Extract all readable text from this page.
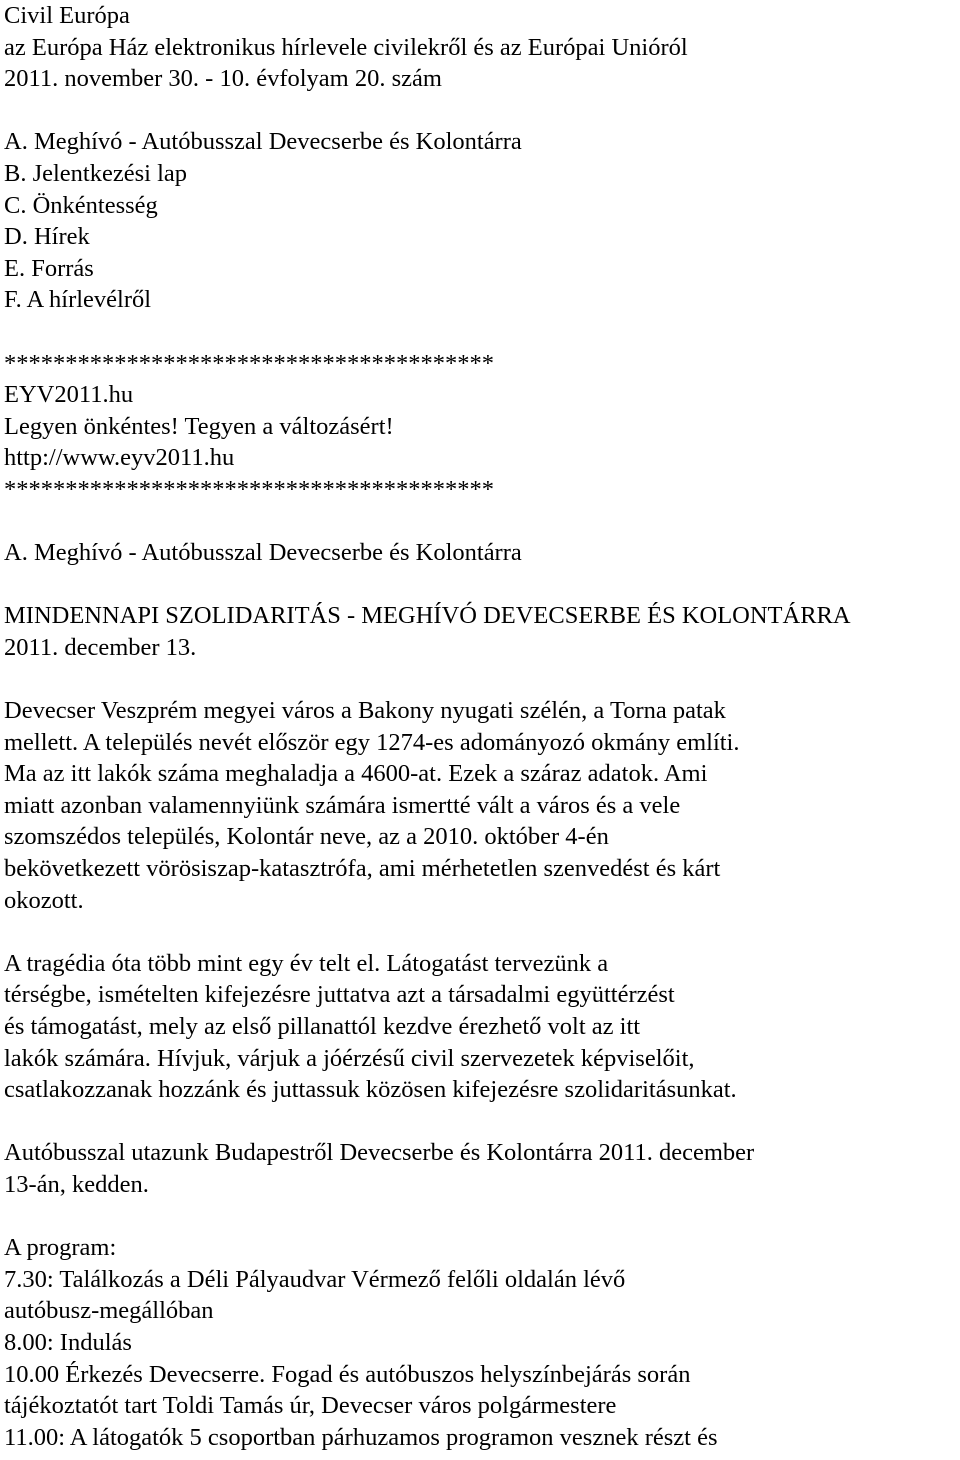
Civil Európa
az Európa Ház elektronikus hírlevele civilekről és az Európai Unióról
2011. november 30. - 10. évfolyam 20. szám
A. Meghívó - Autóbusszal Devecserbe és Kolontárra
B. Jelentkezési lap
C. Önkéntesség
D. Hírek
E. Forrás
F. A hírlevélről
****************************************
EYV2011.hu
Legyen önkéntes! Tegyen a változásért!
http://www.eyv2011.hu
****************************************
A. Meghívó - Autóbusszal Devecserbe és Kolontárra
MINDENNAPI SZOLIDARITÁS - MEGHÍVÓ DEVECSERBE ÉS KOLONTÁRRA
2011. december 13.
Devecser Veszprém megyei város a Bakony nyugati szélén, a Torna patak
mellett. A település nevét először egy 1274-es adományozó okmány említi.
Ma az itt lakók száma meghaladja a 4600-at. Ezek a száraz adatok. Ami
miatt azonban valamennyiünk számára ismertté vált a város és a vele
szomszédos település, Kolontár neve, az a 2010. október 4-én
bekövetkezett vörösiszap-katasztrófa, ami mérhetetlen szenvedést és kárt
okozott.
A tragédia óta több mint egy év telt el. Látogatást tervezünk a
térségbe, ismételten kifejezésre juttatva azt a társadalmi együttérzést
és támogatást, mely az első pillanattól kezdve érezhető volt az itt
lakók számára. Hívjuk, várjuk a jóérzésű civil szervezetek képviselőit,
csatlakozzanak hozzánk és juttassuk közösen kifejezésre szolidaritásunkat.
Autóbusszal utazunk Budapestről Devecserbe és Kolontárra 2011. december
13-án, kedden.
A program:
7.30: Találkozás a Déli Pályaudvar Vérmező felőli oldalán lévő
autóbusz-megállóban
8.00: Indulás
10.00 Érkezés Devecserre. Fogad és autóbuszos helyszínbejárás során
tájékoztatót tart Toldi Tamás úr, Devecser város polgármestere
11.00: A látogatók 5 csoportban párhuzamos programon vesznek részt és
